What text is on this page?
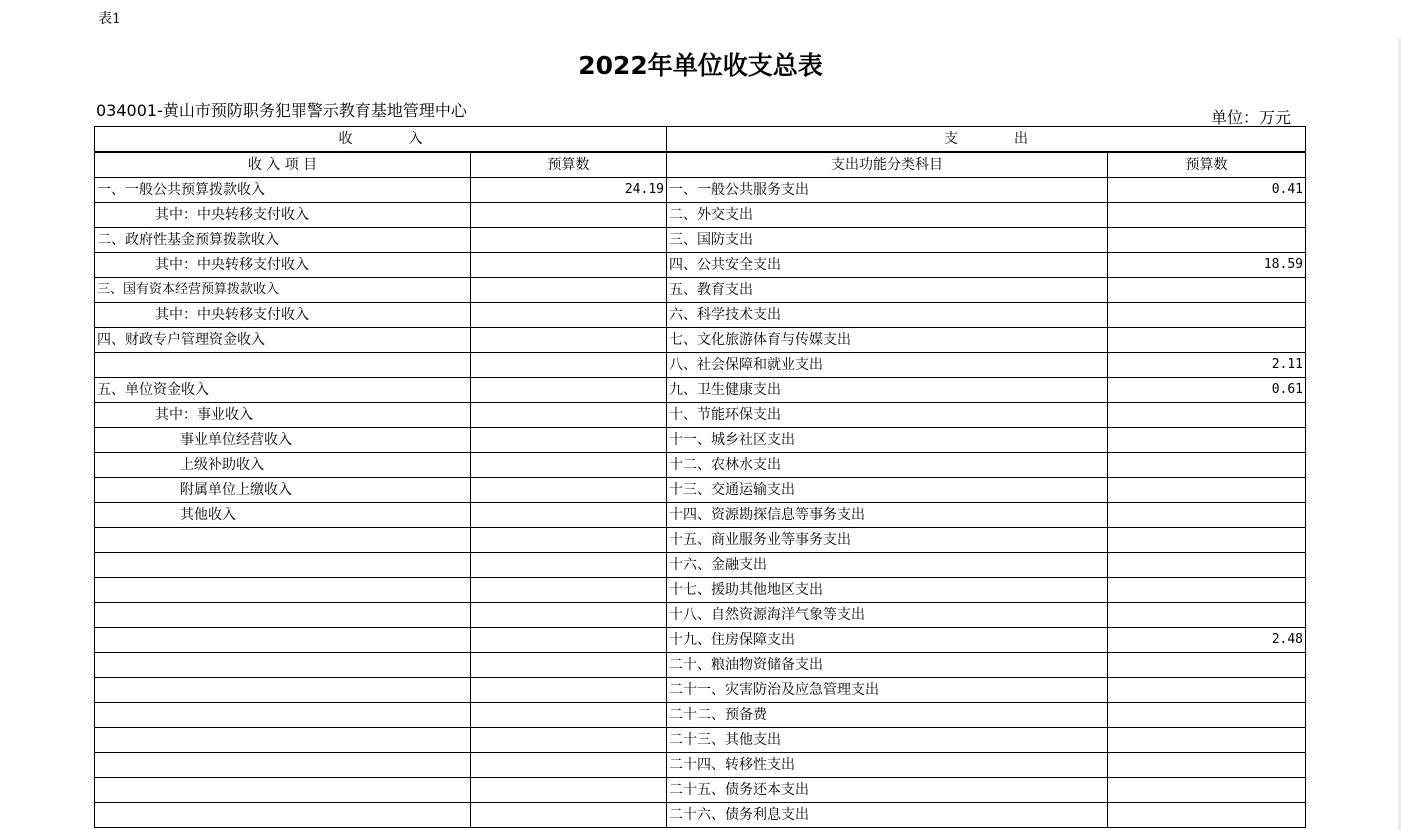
表1
2022年单位收支总表
034001-黄山市预防职务犯罪警示教育基地管理中心	单位：万元
收　　　　入		支　　　　出	
收 入 项 目	预算数	支出功能分类科目	预算数
一、一般公共预算拨款收入	24.19	一、一般公共服务支出	0.41
其中：中央转移支付收入		二、外交支出	
二、政府性基金预算拨款收入		三、国防支出	
其中：中央转移支付收入		四、公共安全支出	18.59
三、国有资本经营预算拨款收入		五、教育支出	
其中：中央转移支付收入		六、科学技术支出	
四、财政专户管理资金收入		七、文化旅游体育与传媒支出	
		八、社会保障和就业支出	2.11
五、单位资金收入		九、卫生健康支出	0.61
其中：事业收入		十、节能环保支出	
事业单位经营收入		十一、城乡社区支出	
上级补助收入		十二、农林水支出	
附属单位上缴收入		十三、交通运输支出	
其他收入		十四、资源勘探信息等事务支出	
		十五、商业服务业等事务支出	
		十六、金融支出	
		十七、援助其他地区支出	
		十八、自然资源海洋气象等支出	
		十九、住房保障支出	2.48
		二十、粮油物资储备支出	
		二十一、灾害防治及应急管理支出	
		二十二、预备费	
		二十三、其他支出	
		二十四、转移性支出	
		二十五、债务还本支出	
		二十六、债务利息支出	
